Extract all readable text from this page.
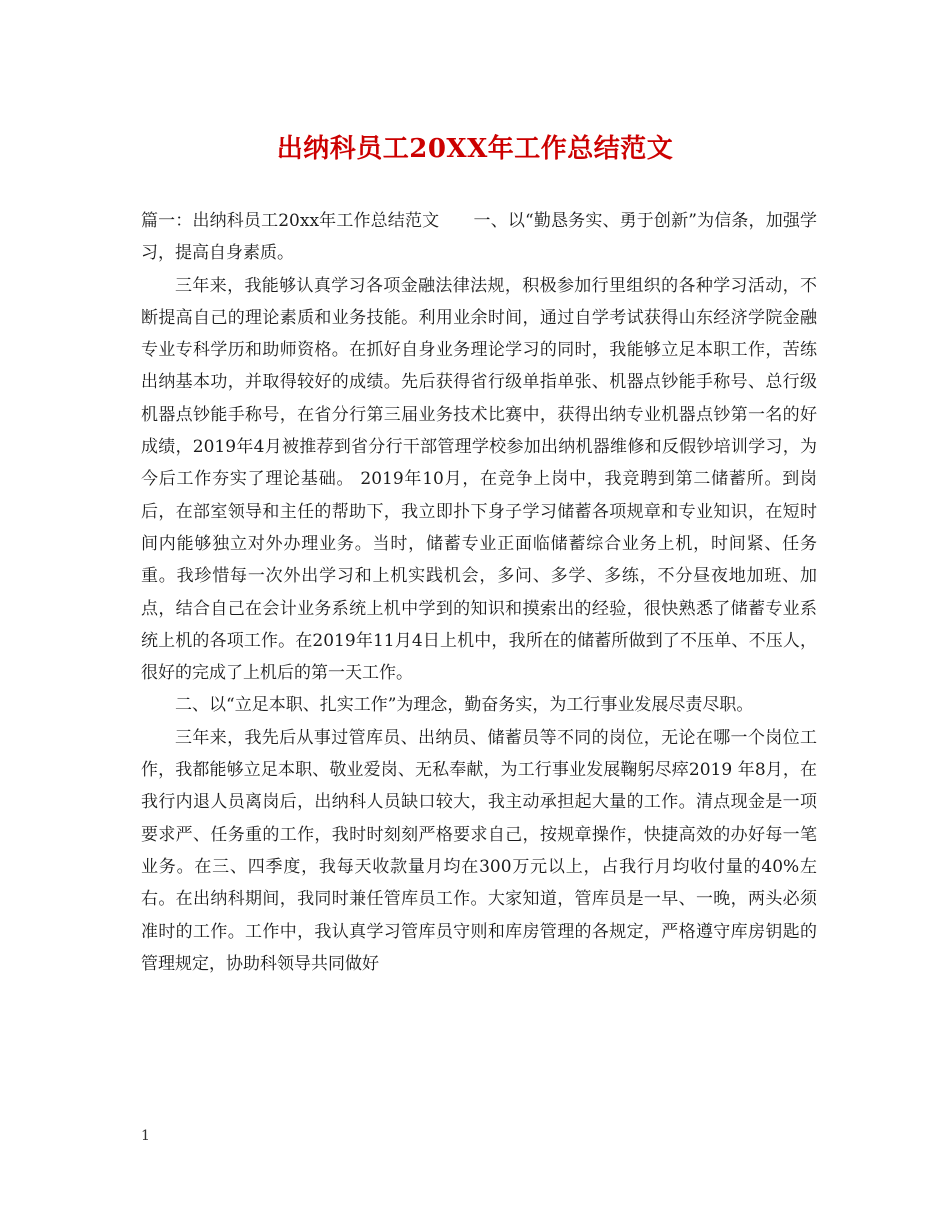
出纳科员工20XX年工作总结范文

篇一：出纳科员工20xx年工作总结范文　　一、以“勤恳务实、勇于创新”为信条，加强学习，提高自身素质。

三年来，我能够认真学习各项金融法律法规，积极参加行里组织的各种学习活动，不断提高自己的理论素质和业务技能。利用业余时间，通过自学考试获得山东经济学院金融专业专科学历和助师资格。在抓好自身业务理论学习的同时，我能够立足本职工作，苦练出纳基本功，并取得较好的成绩。先后获得省行级单指单张、机器点钞能手称号、总行级机器点钞能手称号，在省分行第三届业务技术比赛中，获得出纳专业机器点钞第一名的好成绩，2019年4月被推荐到省分行干部管理学校参加出纳机器维修和反假钞培训学习，为今后工作夯实了理论基础。 2019年10月，在竞争上岗中，我竞聘到第二储蓄所。到岗后，在部室领导和主任的帮助下，我立即扑下身子学习储蓄各项规章和专业知识，在短时间内能够独立对外办理业务。当时，储蓄专业正面临储蓄综合业务上机，时间紧、任务重。我珍惜每一次外出学习和上机实践机会，多问、多学、多练，不分昼夜地加班、加点，结合自己在会计业务系统上机中学到的知识和摸索出的经验，很快熟悉了储蓄专业系统上机的各项工作。在2019年11月4日上机中，我所在的储蓄所做到了不压单、不压人，很好的完成了上机后的第一天工作。

二、以“立足本职、扎实工作”为理念，勤奋务实，为工行事业发展尽责尽职。

三年来，我先后从事过管库员、出纳员、储蓄员等不同的岗位，无论在哪一个岗位工作，我都能够立足本职、敬业爱岗、无私奉献，为工行事业发展鞠躬尽瘁2019 年8月，在我行内退人员离岗后，出纳科人员缺口较大，我主动承担起大量的工作。清点现金是一项要求严、任务重的工作，我时时刻刻严格要求自己，按规章操作，快捷高效的办好每一笔业务。在三、四季度，我每天收款量月均在300万元以上，占我行月均收付量的40%左右。在出纳科期间，我同时兼任管库员工作。大家知道，管库员是一早、一晚，两头必须准时的工作。工作中，我认真学习管库员守则和库房管理的各规定，严格遵守库房钥匙的管理规定，协助科领导共同做好

1
